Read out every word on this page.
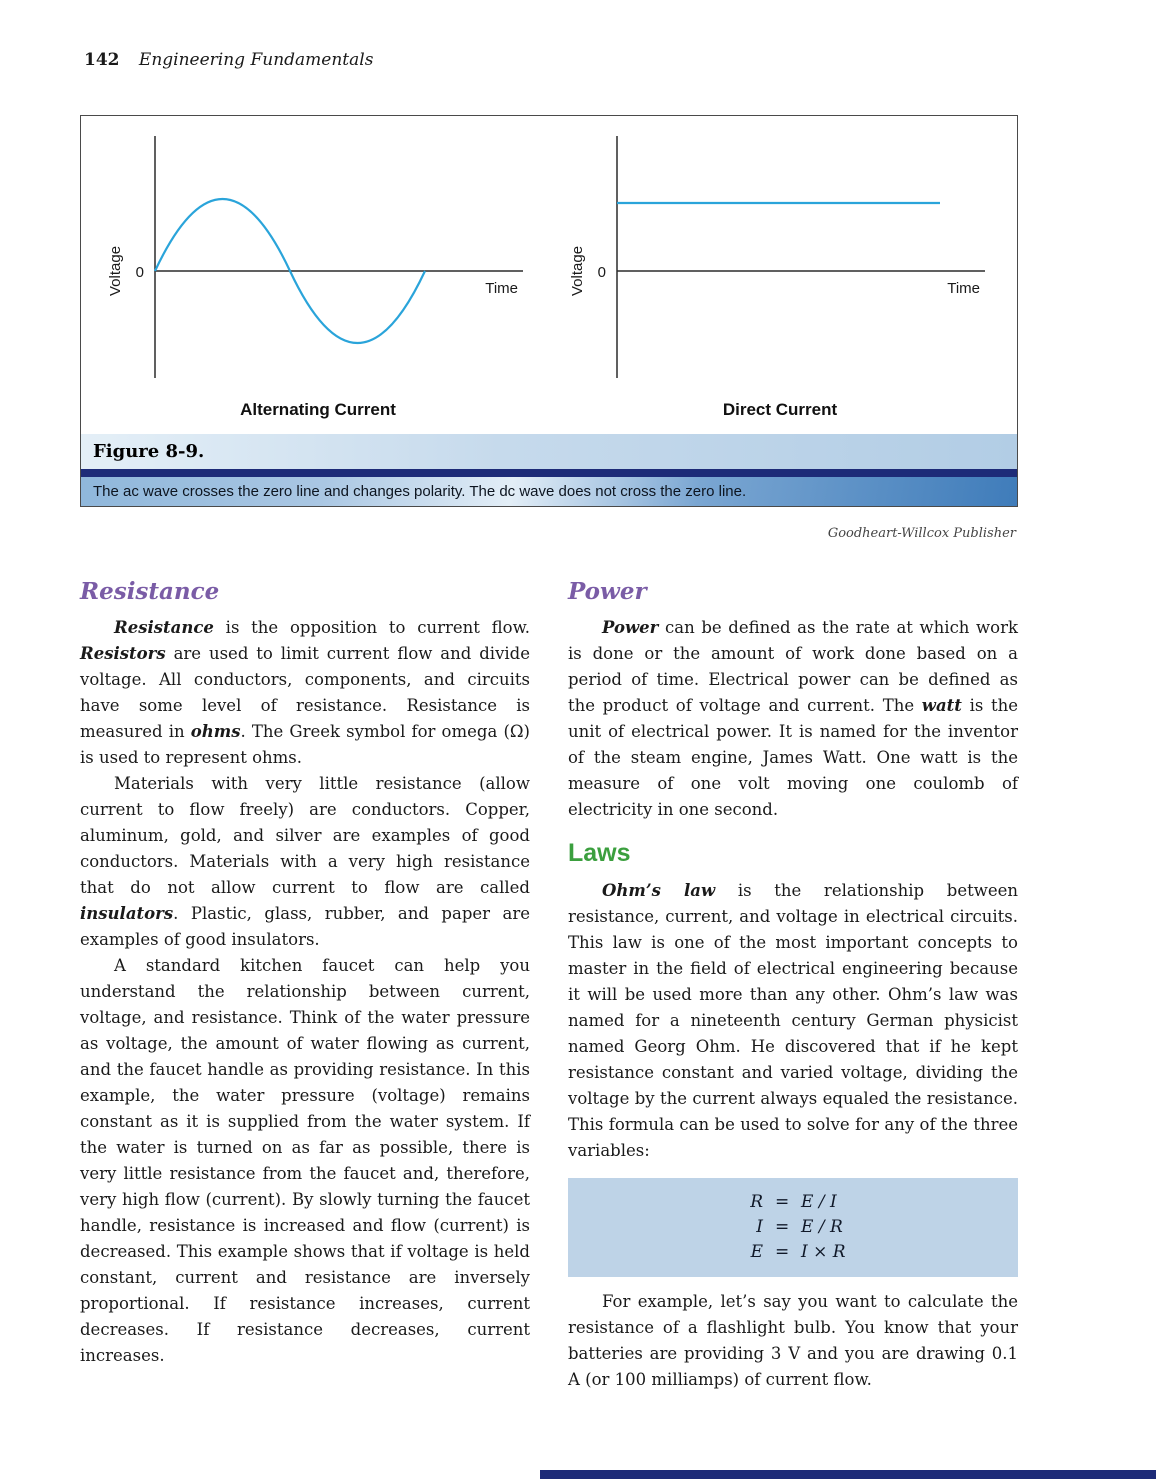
142 Engineering Fundamentals
0
Voltage	Time
Alternating Current
0
Voltage	Time
Direct Current
Figure 8-9.
The ac wave crosses the zero line and changes polarity. The dc wave does not cross the zero line.
Goodheart-Willcox Publisher
Resistance

Resistance is the opposition to current flow. Resistors are used to limit current flow and divide voltage. All conductors, components, and circuits have some level of resistance. Resistance is measured in ohms. The Greek symbol for omega (Ω) is used to represent ohms.

Materials with very little resistance (allow current to flow freely) are conductors. Copper, aluminum, gold, and silver are examples of good conductors. Materials with a very high resistance that do not allow current to flow are called insulators. Plastic, glass, rubber, and paper are examples of good insulators.

A standard kitchen faucet can help you understand the relationship between current, voltage, and resistance. Think of the water pressure as voltage, the amount of water flowing as current, and the faucet handle as providing resistance. In this example, the water pressure (voltage) remains constant as it is supplied from the water system. If the water is turned on as far as possible, there is very little resistance from the faucet and, therefore, very high flow (current). By slowly turning the faucet handle, resistance is increased and flow (current) is decreased. This example shows that if voltage is held constant, current and resistance are inversely proportional. If resistance increases, current decreases. If resistance decreases, current increases.

Power

Power can be defined as the rate at which work is done or the amount of work done based on a period of time. Electrical power can be defined as the product of voltage and current. The watt is the unit of electrical power. It is named for the inventor of the steam engine, James Watt. One watt is the measure of one volt moving one coulomb of electricity in one second.

Laws

Ohm’s law is the relationship between resistance, current, and voltage in electrical circuits. This law is one of the most important concepts to master in the field of electrical engineering because it will be used more than any other. Ohm’s law was named for a nineteenth century German physicist named Georg Ohm. He discovered that if he kept resistance constant and varied voltage, dividing the voltage by the current always equaled the resistance. This formula can be used to solve for any of the three variables:

R = E / I
I = E / R
E = I × R

For example, let’s say you want to calculate the resistance of a flashlight bulb. You know that your batteries are providing 3 V and you are drawing 0.1 A (or 100 milliamps) of current flow.
